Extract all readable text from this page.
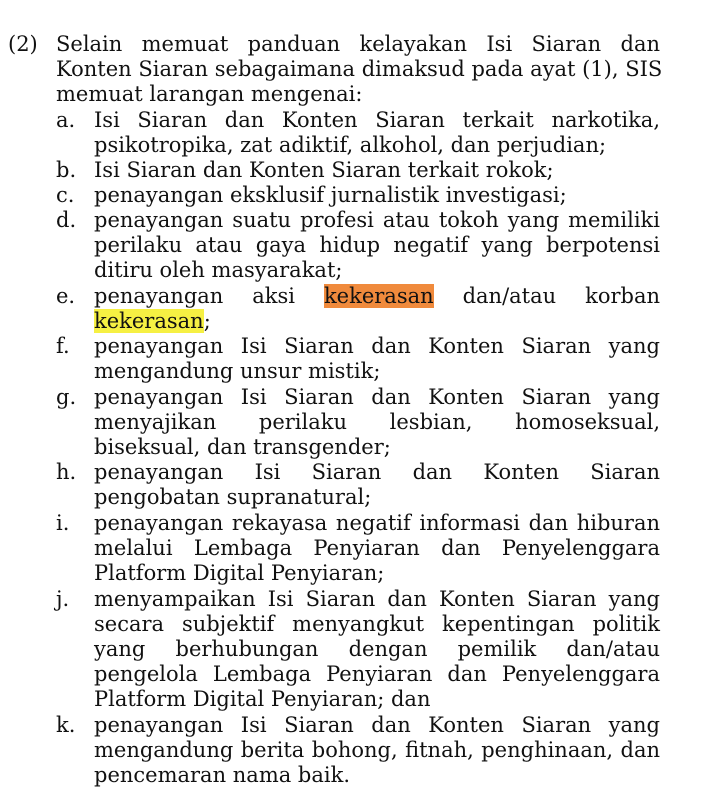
(2) Selain memuat panduan kelayakan Isi Siaran dan
Konten Siaran sebagaimana dimaksud pada ayat (1), SIS
memuat larangan mengenai:
a. Isi Siaran dan Konten Siaran terkait narkotika,
psikotropika, zat adiktif, alkohol, dan perjudian;
b. Isi Siaran dan Konten Siaran terkait rokok;
c. penayangan eksklusif jurnalistik investigasi;
d. penayangan suatu profesi atau tokoh yang memiliki
perilaku atau gaya hidup negatif yang berpotensi
ditiru oleh masyarakat;
e. penayangan aksi kekerasan dan/atau korban
kekerasan;
f.	penayangan Isi Siaran dan Konten Siaran yang
mengandung unsur mistik;
g. penayangan Isi Siaran dan Konten Siaran yang
menyajikan perilaku lesbian, homoseksual,
biseksual, dan transgender;
h. penayangan Isi Siaran dan Konten Siaran
pengobatan supranatural;
i.	penayangan rekayasa negatif informasi dan hiburan
melalui Lembaga Penyiaran dan Penyelenggara
Platform Digital Penyiaran;
j.	menyampaikan Isi Siaran dan Konten Siaran yang
secara subjektif menyangkut kepentingan politik
yang berhubungan dengan pemilik dan/atau
pengelola Lembaga Penyiaran dan Penyelenggara
Platform Digital Penyiaran; dan
k. penayangan Isi Siaran dan Konten Siaran yang
mengandung berita bohong, fitnah, penghinaan, dan
pencemaran nama baik.
